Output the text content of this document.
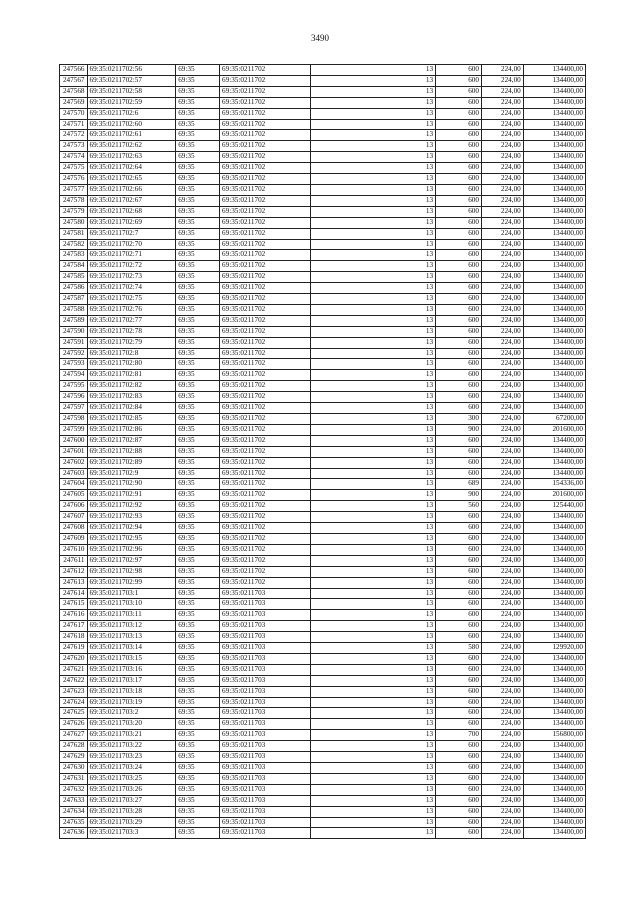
3490
247566	69:35:0211702:56	69:35	69:35:0211702	13	600	224,00	134400,00
247567	69:35:0211702:57	69:35	69:35:0211702	13	600	224,00	134400,00
247568	69:35:0211702:58	69:35	69:35:0211702	13	600	224,00	134400,00
247569	69:35:0211702:59	69:35	69:35:0211702	13	600	224,00	134400,00
247570	69:35:0211702:6	69:35	69:35:0211702	13	600	224,00	134400,00
247571	69:35:0211702:60	69:35	69:35:0211702	13	600	224,00	134400,00
247572	69:35:0211702:61	69:35	69:35:0211702	13	600	224,00	134400,00
247573	69:35:0211702:62	69:35	69:35:0211702	13	600	224,00	134400,00
247574	69:35:0211702:63	69:35	69:35:0211702	13	600	224,00	134400,00
247575	69:35:0211702:64	69:35	69:35:0211702	13	600	224,00	134400,00
247576	69:35:0211702:65	69:35	69:35:0211702	13	600	224,00	134400,00
247577	69:35:0211702:66	69:35	69:35:0211702	13	600	224,00	134400,00
247578	69:35:0211702:67	69:35	69:35:0211702	13	600	224,00	134400,00
247579	69:35:0211702:68	69:35	69:35:0211702	13	600	224,00	134400,00
247580	69:35:0211702:69	69:35	69:35:0211702	13	600	224,00	134400,00
247581	69:35:0211702:7	69:35	69:35:0211702	13	600	224,00	134400,00
247582	69:35:0211702:70	69:35	69:35:0211702	13	600	224,00	134400,00
247583	69:35:0211702:71	69:35	69:35:0211702	13	600	224,00	134400,00
247584	69:35:0211702:72	69:35	69:35:0211702	13	600	224,00	134400,00
247585	69:35:0211702:73	69:35	69:35:0211702	13	600	224,00	134400,00
247586	69:35:0211702:74	69:35	69:35:0211702	13	600	224,00	134400,00
247587	69:35:0211702:75	69:35	69:35:0211702	13	600	224,00	134400,00
247588	69:35:0211702:76	69:35	69:35:0211702	13	600	224,00	134400,00
247589	69:35:0211702:77	69:35	69:35:0211702	13	600	224,00	134400,00
247590	69:35:0211702:78	69:35	69:35:0211702	13	600	224,00	134400,00
247591	69:35:0211702:79	69:35	69:35:0211702	13	600	224,00	134400,00
247592	69:35:0211702:8	69:35	69:35:0211702	13	600	224,00	134400,00
247593	69:35:0211702:80	69:35	69:35:0211702	13	600	224,00	134400,00
247594	69:35:0211702:81	69:35	69:35:0211702	13	600	224,00	134400,00
247595	69:35:0211702:82	69:35	69:35:0211702	13	600	224,00	134400,00
247596	69:35:0211702:83	69:35	69:35:0211702	13	600	224,00	134400,00
247597	69:35:0211702:84	69:35	69:35:0211702	13	600	224,00	134400,00
247598	69:35:0211702:85	69:35	69:35:0211702	13	300	224,00	67200,00
247599	69:35:0211702:86	69:35	69:35:0211702	13	900	224,00	201600,00
247600	69:35:0211702:87	69:35	69:35:0211702	13	600	224,00	134400,00
247601	69:35:0211702:88	69:35	69:35:0211702	13	600	224,00	134400,00
247602	69:35:0211702:89	69:35	69:35:0211702	13	600	224,00	134400,00
247603	69:35:0211702:9	69:35	69:35:0211702	13	600	224,00	134400,00
247604	69:35:0211702:90	69:35	69:35:0211702	13	689	224,00	154336,00
247605	69:35:0211702:91	69:35	69:35:0211702	13	900	224,00	201600,00
247606	69:35:0211702:92	69:35	69:35:0211702	13	560	224,00	125440,00
247607	69:35:0211702:93	69:35	69:35:0211702	13	600	224,00	134400,00
247608	69:35:0211702:94	69:35	69:35:0211702	13	600	224,00	134400,00
247609	69:35:0211702:95	69:35	69:35:0211702	13	600	224,00	134400,00
247610	69:35:0211702:96	69:35	69:35:0211702	13	600	224,00	134400,00
247611	69:35:0211702:97	69:35	69:35:0211702	13	600	224,00	134400,00
247612	69:35:0211702:98	69:35	69:35:0211702	13	600	224,00	134400,00
247613	69:35:0211702:99	69:35	69:35:0211702	13	600	224,00	134400,00
247614	69:35:0211703:1	69:35	69:35:0211703	13	600	224,00	134400,00
247615	69:35:0211703:10	69:35	69:35:0211703	13	600	224,00	134400,00
247616	69:35:0211703:11	69:35	69:35:0211703	13	600	224,00	134400,00
247617	69:35:0211703:12	69:35	69:35:0211703	13	600	224,00	134400,00
247618	69:35:0211703:13	69:35	69:35:0211703	13	600	224,00	134400,00
247619	69:35:0211703:14	69:35	69:35:0211703	13	580	224,00	129920,00
247620	69:35:0211703:15	69:35	69:35:0211703	13	600	224,00	134400,00
247621	69:35:0211703:16	69:35	69:35:0211703	13	600	224,00	134400,00
247622	69:35:0211703:17	69:35	69:35:0211703	13	600	224,00	134400,00
247623	69:35:0211703:18	69:35	69:35:0211703	13	600	224,00	134400,00
247624	69:35:0211703:19	69:35	69:35:0211703	13	600	224,00	134400,00
247625	69:35:0211703:2	69:35	69:35:0211703	13	600	224,00	134400,00
247626	69:35:0211703:20	69:35	69:35:0211703	13	600	224,00	134400,00
247627	69:35:0211703:21	69:35	69:35:0211703	13	700	224,00	156800,00
247628	69:35:0211703:22	69:35	69:35:0211703	13	600	224,00	134400,00
247629	69:35:0211703:23	69:35	69:35:0211703	13	600	224,00	134400,00
247630	69:35:0211703:24	69:35	69:35:0211703	13	600	224,00	134400,00
247631	69:35:0211703:25	69:35	69:35:0211703	13	600	224,00	134400,00
247632	69:35:0211703:26	69:35	69:35:0211703	13	600	224,00	134400,00
247633	69:35:0211703:27	69:35	69:35:0211703	13	600	224,00	134400,00
247634	69:35:0211703:28	69:35	69:35:0211703	13	600	224,00	134400,00
247635	69:35:0211703:29	69:35	69:35:0211703	13	600	224,00	134400,00
247636	69:35:0211703:3	69:35	69:35:0211703	13	600	224,00	134400,00
